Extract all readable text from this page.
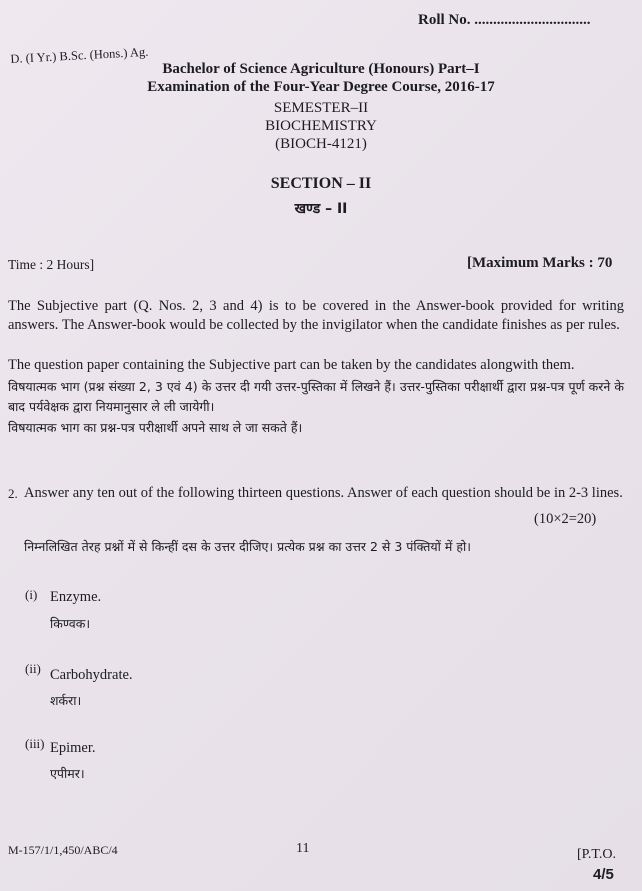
Roll No. ...............................
D. (I Yr.) B.Sc. (Hons.) Ag.
Bachelor of Science Agriculture (Honours) Part–I
Examination of the Four-Year Degree Course, 2016-17
SEMESTER–II
BIOCHEMISTRY
(BIOCH-4121)
SECTION – II
खण्ड – II
Time : 2 Hours]	[Maximum Marks : 70
The Subjective part (Q. Nos. 2, 3 and 4) is to be covered in the Answer-book provided for writing answers. The Answer-book would be collected by the invigilator when the candidate finishes as per rules.
The question paper containing the Subjective part can be taken by the candidates alongwith them.
विषयात्मक भाग (प्रश्न संख्या 2, 3 एवं 4) के उत्तर दी गयी उत्तर-पुस्तिका में लिखने हैं। उत्तर-पुस्तिका परीक्षार्थी द्वारा प्रश्न-पत्र पूर्ण करने के बाद पर्यवेक्षक द्वारा नियमानुसार ले ली जायेगी।
विषयात्मक भाग का प्रश्न-पत्र परीक्षार्थी अपने साथ ले जा सकते हैं।
2. Answer any ten out of the following thirteen questions. Answer of each question should be in 2-3 lines.
(10×2=20)
निम्नलिखित तेरह प्रश्नों में से किन्हीं दस के उत्तर दीजिए। प्रत्येक प्रश्न का उत्तर 2 से 3 पंक्तियों में हो।
(i) Enzyme.
किण्वक।
(ii) Carbohydrate.
शर्करा।
(iii) Epimer.
एपीमर।
M-157/1/1,450/ABC/4	11	[P.T.O.
4/5
